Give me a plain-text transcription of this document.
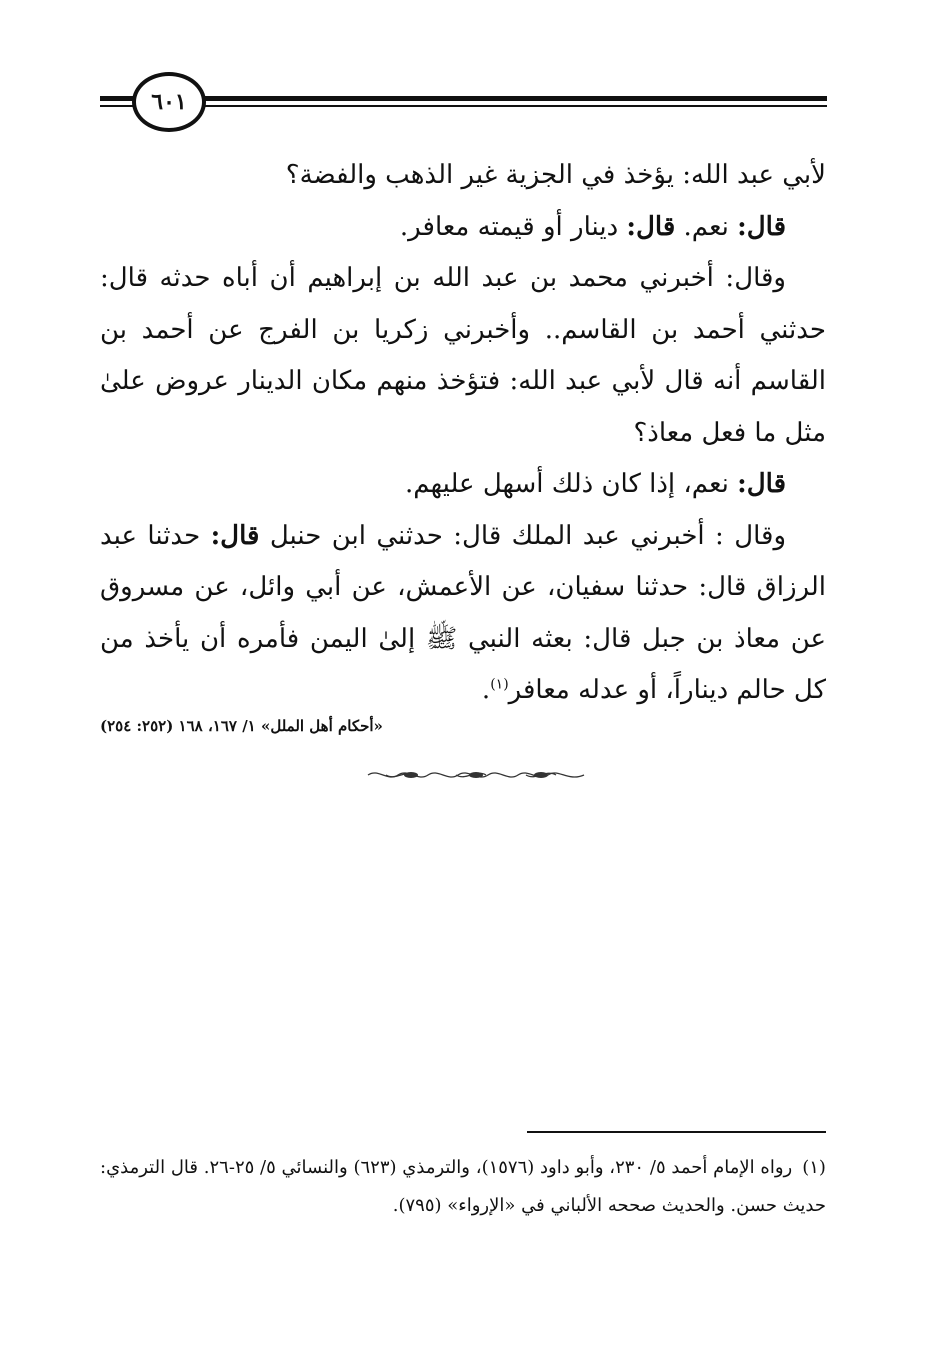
٦٠١

لأبي عبد الله: يؤخذ في الجزية غير الذهب والفضة؟

قال: نعم. قال: دينار أو قيمته معافر.

وقال: أخبرني محمد بن عبد الله بن إبراهيم أن أباه حدثه قال: حدثني أحمد بن القاسم.. وأخبرني زكريا بن الفرج عن أحمد بن القاسم أنه قال لأبي عبد الله: فتؤخذ منهم مكان الدينار عروض علىٰ مثل ما فعل معاذ؟

قال: نعم، إذا كان ذلك أسهل عليهم.

وقال : أخبرني عبد الملك قال: حدثني ابن حنبل قال: حدثنا عبد الرزاق قال: حدثنا سفيان، عن الأعمش، عن أبي وائل، عن مسروق عن معاذ بن جبل قال: بعثه النبي ﷺ إلىٰ اليمن فأمره أن يأخذ من كل حالم ديناراً، أو عدله معافر$^{(١)}$.

«أحكام أهل الملل» ١/ ١٦٧، ١٦٨ (٢٥٢: ٢٥٤)

(١)رواه الإمام أحمد ٥/ ٢٣٠، وأبو داود (١٥٧٦)، والترمذي (٦٢٣) والنسائي ٥/ ٢٥-٢٦. قال الترمذي: حديث حسن. والحديث صححه الألباني في «الإرواء» (٧٩٥).
